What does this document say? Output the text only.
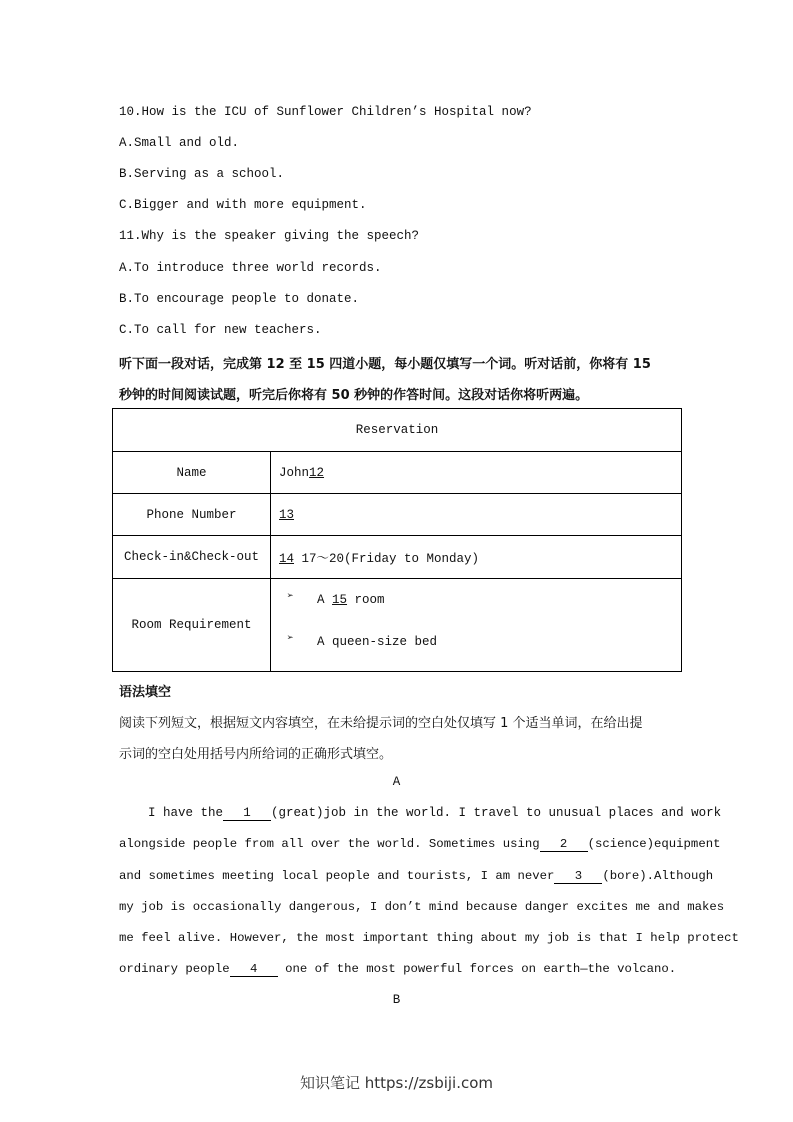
10.How is the ICU of Sunflower Children’s Hospital now?
A.Small and old.
B.Serving as a school.
C.Bigger and with more equipment.
11.Why is the speaker giving the speech?
A.To introduce three world records.
B.To encourage people to donate.
C.To call for new teachers.
听下面一段对话，完成第 12 至 15 四道小题，每小题仅填写一个词。听对话前，你将有 15
秒钟的时间阅读试题，听完后你将有 50 秒钟的作答时间。这段对话你将听两遍。
Reservation	
Name	John12
Phone Number	13
Check-in&Check-out	14 17～20(Friday to Monday)
Room Requirement	➢ A 15 room
➢ A queen-size bed
语法填空
阅读下列短文，根据短文内容填空，在未给提示词的空白处仅填写 1 个适当单词，在给出提
示词的空白处用括号内所给词的正确形式填空。
A
I have the 1 (great)job in the world. I travel to unusual places and work
alongside people from all over the world. Sometimes using 2 (science)equipment
and sometimes meeting local people and tourists, I am never 3 (bore).Although
my job is occasionally dangerous, I don’t mind because danger excites me and makes
me feel alive. However, the most important thing about my job is that I help protect
ordinary people 4 one of the most powerful forces on earth—the volcano.
B
知识笔记 https://zsbiji.com
